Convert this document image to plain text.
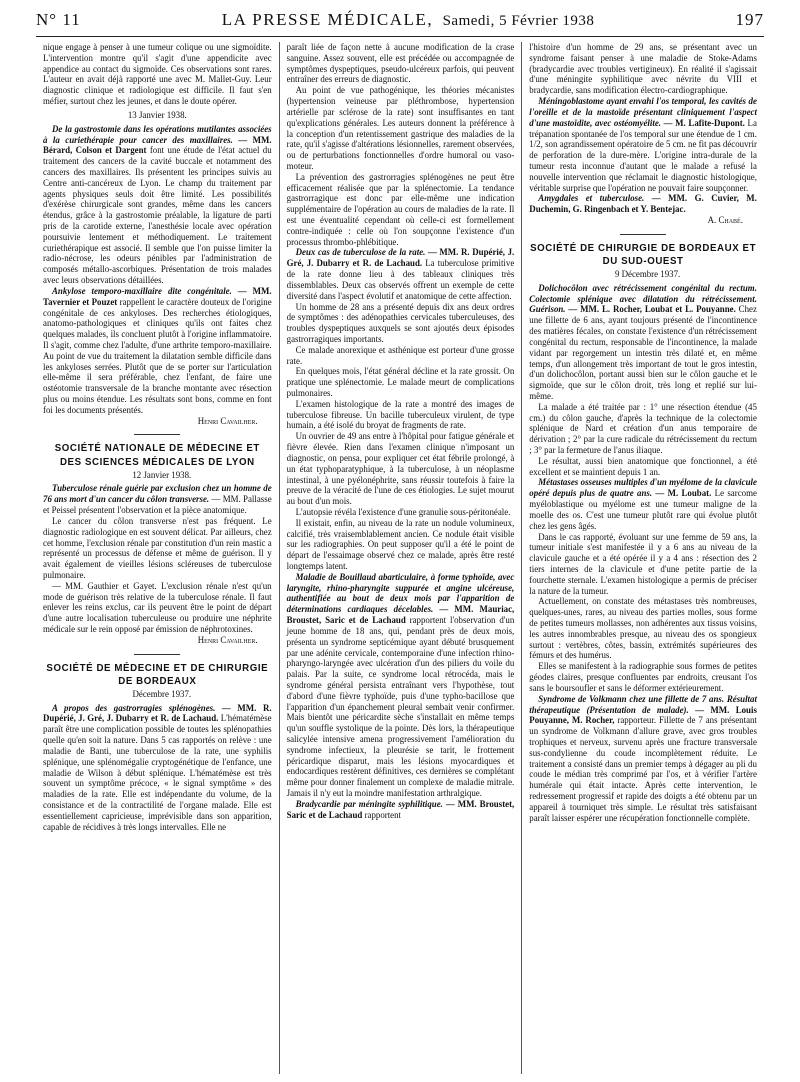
N° 11	LA PRESSE MÉDICALE, Samedi, 5 Février 1938	197

nique engage à penser à une tumeur colique ou une sigmoïdite. L'intervention montre qu'il s'agit d'une appendicite avec appendice au contact du sigmoïde. Ces observations sont rares. L'auteur en avait déjà rapporté une avec M. Mallet-Guy. Leur diagnostic clinique et radiologique est difficile. Il faut s'en méfier, surtout chez les jeunes, et dans le doute opérer.

13 Janvier 1938.

De la gastrostomie dans les opérations mutilantes associées à la curiethérapie pour cancer des maxillaires. — MM. Bérard, Colson et Dargent font une étude de l'état actuel du traitement des cancers de la cavité buccale et notamment des cancers des maxillaires. Ils présentent les principes suivis au Centre anti-cancéreux de Lyon. Le champ du traitement par agents physiques seuls doit être limité. Les possibilités d'exérèse chirurgicale sont grandes, même dans les cancers étendus, grâce à la gastrostomie préalable, la ligature de parti pris de la carotide externe, l'anesthésie locale avec opération poursuivie lentement et méthodiquement. Le traitement curiethérapique est associé. Il semble que l'on puisse limiter la radio-nécrose, les odeurs pénibles par l'administration de composés métallo-ascorbiques. Présentation de trois malades avec leurs observations détaillées.

Ankylose temporo-maxillaire dite congénitale. — MM. Tavernier et Pouzet rappellent le caractère douteux de l'origine congénitale de ces ankyloses. Des recherches étiologiques, anatomo-pathologiques et cliniques qu'ils ont faites chez quelques malades, ils concluent plutôt à l'origine inflammatoire. Il s'agit, comme chez l'adulte, d'une arthrite temporo-maxillaire. Au point de vue du traitement la dilatation semble difficile dans les ankyloses serrées. Plutôt que de se porter sur l'articulation elle-même il sera préférable, chez l'enfant, de faire une ostéotomie transversale de la branche montante avec résection plus ou moins étendue. Les résultats sont bons, comme en font foi les documents présentés.

Henri Cavailher.

SOCIÉTÉ NATIONALE DE MÉDECINE ET DES SCIENCES MÉDICALES DE LYON

12 Janvier 1938.

Tuberculose rénale guérie par exclusion chez un homme de 76 ans mort d'un cancer du côlon transverse. — MM. Pallasse et Peissel présentent l'observation et la pièce anatomique.

Le cancer du côlon transverse n'est pas fréquent. Le diagnostic radiologique en est souvent délicat. Par ailleurs, chez cet homme, l'exclusion rénale par constitution d'un rein mastic a représenté un processus de défense et même de guérison. Il y avait également de vieilles lésions scléreuses de tuberculose pulmonaire.

— MM. Gauthier et Gayet. L'exclusion rénale n'est qu'un mode de guérison très relative de la tuberculose rénale. Il faut enlever les reins exclus, car ils peuvent être le point de départ d'une autre localisation tuberculeuse ou produire une néphrite médicale sur le rein opposé par émission de néphrotoxines.

Henri Cavailher.

SOCIÉTÉ DE MÉDECINE ET DE CHIRURGIE DE BORDEAUX

Décembre 1937.

A propos des gastrorragies splénogènes. — MM. R. Dupérié, J. Gré, J. Dubarry et R. de Lachaud. L'hématémèse paraît être une complication possible de toutes les splénopathies quelle qu'en soit la nature. Dans 5 cas rapportés on relève : une maladie de Banti, une tuberculose de la rate, une syphilis splénique, une splénomégalie cryptogénétique de l'enfance, une maladie de Wilson à début splénique. L'hématémèse est très souvent un symptôme précoce, « le signal symptôme » des maladies de la rate. Elle est indépendante du volume, de la consistance et de la contractilité de l'organe malade. Elle est essentiellement capricieuse, imprévisible dans son apparition, capable de récidives à très longs intervalles. Elle ne

paraît liée de façon nette à aucune modification de la crase sanguine. Assez souvent, elle est précédée ou accompagnée de symptômes dyspeptiques, pseudo-ulcéreux parfois, qui peuvent entraîner des erreurs de diagnostic.

Au point de vue pathogénique, les théories mécanistes (hypertension veineuse par pléthrombose, hypertension artérielle par sclérose de la rate) sont insuffisantes en tant qu'explications générales. Les auteurs donnent la préférence à la conception d'un retentissement gastrique des maladies de la rate, qu'il s'agisse d'altérations lésionnelles, rarement observées, ou de perturbations fonctionnelles d'ordre humoral ou vaso-moteur.

La prévention des gastrorragies splénogènes ne peut être efficacement réalisée que par la splénectomie. La tendance gastrorragique est donc par elle-même une indication supplémentaire de l'opération au cours de maladies de la rate. Il est une éventualité cependant où celle-ci est formellement contre-indiquée : celle où l'on soupçonne l'existence d'un processus thrombo-phlébitique.

Deux cas de tuberculose de la rate. — MM. R. Dupérié, J. Gré, J. Dubarry et R. de Lachaud. La tuberculose primitive de la rate donne lieu à des tableaux cliniques très dissemblables. Deux cas observés offrent un exemple de cette diversité dans l'aspect évolutif et anatomique de cette affection.

Un homme de 28 ans a présenté depuis dix ans deux ordres de symptômes : des adénopathies cervicales tuberculeuses, des troubles dyspeptiques auxquels se sont ajoutés deux épisodes gastrorragiques importants.

Ce malade anorexique et asthénique est porteur d'une grosse rate.

En quelques mois, l'état général décline et la rate grossit. On pratique une splénectomie. Le malade meurt de complications pulmonaires.

L'examen histologique de la rate a montré des images de tuberculose fibreuse. Un bacille tuberculeux virulent, de type humain, a été isolé du broyat de fragments de rate.

Un ouvrier de 49 ans entre à l'hôpital pour fatigue générale et fièvre élevée. Rien dans l'examen clinique n'imposant un diagnostic, on pensa, pour expliquer cet état fébrile prolongé, à un état typhoparatyphique, à la tuberculose, à un néoplasme intestinal, à une pyélonéphrite, sans réussir toutefois à faire la preuve de la véracité de l'une de ces étiologies. Le sujet mourut au bout d'un mois.

L'autopsie révéla l'existence d'une granulie sous-péritonéale.

Il existait, enfin, au niveau de la rate un nodule volumineux, calcifié, très vraisemblablement ancien. Ce nodule était visible sur les radiographies. On peut supposer qu'il a été le point de départ de l'essaimage observé chez ce malade, après être resté longtemps latent.

Maladie de Bouillaud abarticulaire, à forme typhoïde, avec laryngite, rhino-pharyngite suppurée et angine ulcéreuse, authentifiée au bout de deux mois par l'apparition de déterminations cardiaques décelables. — MM. Mauriac, Broustet, Saric et de Lachaud rapportent l'observation d'un jeune homme de 18 ans, qui, pendant près de deux mois, présenta un syndrome septicémique ayant débuté brusquement par une adénite cervicale, contemporaine d'une infection rhino-pharyngo-laryngée avec ulcération d'un des piliers du voile du palais. Par la suite, ce syndrome local rétrocéda, mais le syndrome général persista entraînant vers l'hypothèse, tout d'abord d'une fièvre typhoïde, puis d'une typho-bacillose que l'apparition d'un épanchement pleural sembait venir confirmer. Mais bientôt une péricardite sèche s'installait en même temps qu'un souffle systolique de la pointe. Dès lors, la thérapeutique salicylée intensive amena progressivement l'amélioration du syndrome infectieux, la pleurésie se tarit, le frottement péricardique disparut, mais les lésions myocardiques et endocardiques restèrent définitives, ces dernières se complétant même pour donner finalement un complexe de maladie mitrale. Jamais il n'y eut la moindre manifestation arthralgique.

Bradycardie par méningite syphilitique. — MM. Broustet, Saric et de Lachaud rapportent

l'histoire d'un homme de 29 ans, se présentant avec un syndrome faisant penser à une maladie de Stoke-Adams (bradycardie avec troubles vertigineux). En réalité il s'agissait d'une méningite syphilitique avec névrite du VIII et bradycardie, sans modification électro-cardiographique.

Méningoblastome ayant envahi l'os temporal, les cavités de l'oreille et de la mastoïde présentant cliniquement l'aspect d'une mastoïdite, avec ostéomyélite. — M. Lafite-Dupont. La trépanation spontanée de l'os temporal sur une étendue de 1 cm. 1/2, son agrandissement opératoire de 5 cm. ne fit pas découvrir de perforation de la dure-mère. L'origine intra-durale de la tumeur resta inconnue d'autant que le malade a refusé la nouvelle intervention que réclamait le diagnostic histologique, véritable surprise que l'opération ne pouvait faire soupçonner.

Amygdales et tuberculose. — MM. G. Cuvier, M. Duchemin, G. Ringenbach et Y. Bentejac.

A. Chabé.

SOCIÉTÉ DE CHIRURGIE DE BORDEAUX ET DU SUD-OUEST

9 Décembre 1937.

Dolichocôlon avec rétrécissement congénital du rectum. Colectomie splénique avec dilatation du rétrécissement. Guérison. — MM. L. Rocher, Loubat et L. Pouyanne. Chez une fillette de 6 ans, ayant toujours présenté de l'incontinence des matières fécales, on constate l'existence d'un rétrécissement congénital du rectum, responsable de l'incontinence, la malade vidant par regorgement un intestin très dilaté et, en même temps, d'un allongement très important de tout le gros intestin, d'un dolichocôlon, portant aussi bien sur le côlon gauche et le sigmoïde, que sur le côlon droit, très long et replié sur lui-même.

La malade a été traitée par : 1° une résection étendue (45 cm.) du côlon gauche, d'après la technique de la colectomie splénique de Nard et création d'un anus temporaire de dérivation ; 2° par la cure radicale du rétrécissement du rectum ; 3° par la fermeture de l'anus iliaque.

Le résultat, aussi bien anatomique que fonctionnel, a été excellent et se maintient depuis 1 an.

Métastases osseuses multiples d'un myélome de la clavicule opéré depuis plus de quatre ans. — M. Loubat. Le sarcome myéloblastique ou myélome est une tumeur maligne de la moelle des os. C'est une tumeur plutôt rare qui évolue plutôt chez les gens âgés.

Dans le cas rapporté, évoluant sur une femme de 59 ans, la tumeur initiale s'est manifestée il y a 6 ans au niveau de la clavicule gauche et a été opérée il y a 4 ans : résection des 2 tiers internes de la clavicule et d'une petite partie de la fourchette sternale. L'examen histologique a permis de préciser la nature de la tumeur.

Actuellement, on constate des métastases très nombreuses, quelques-unes, rares, au niveau des parties molles, sous forme de petites tumeurs mollasses, non adhérentes aux tissus voisins, les autres innombrables presque, au niveau des os spongieux surtout : vertèbres, côtes, bassin, extrémités supérieures des fémurs et des humérus.

Elles se manifestent à la radiographie sous formes de petites géodes claires, presque confluentes par endroits, creusant l'os sans le boursoufler et sans le déformer extérieurement.

Syndrome de Volkmann chez une fillette de 7 ans. Résultat thérapeutique (Présentation de malade). — MM. Louis Pouyanne, M. Rocher, rapporteur. Fillette de 7 ans présentant un syndrome de Volkmann d'allure grave, avec gros troubles trophiques et nerveux, survenu après une fracture transversale sus-condylienne du coude incomplètement réduite. Le traitement a consisté dans un premier temps à dégager au pli du coude le médian très comprimé par l'os, et à vérifier l'artère humérale qui était intacte. Après cette intervention, le redressement progressif et rapide des doigts a été obtenu par un appareil à tourniquet très simple. Le résultat très satisfaisant paraît laisser espérer une récupération fonctionnelle complète.
